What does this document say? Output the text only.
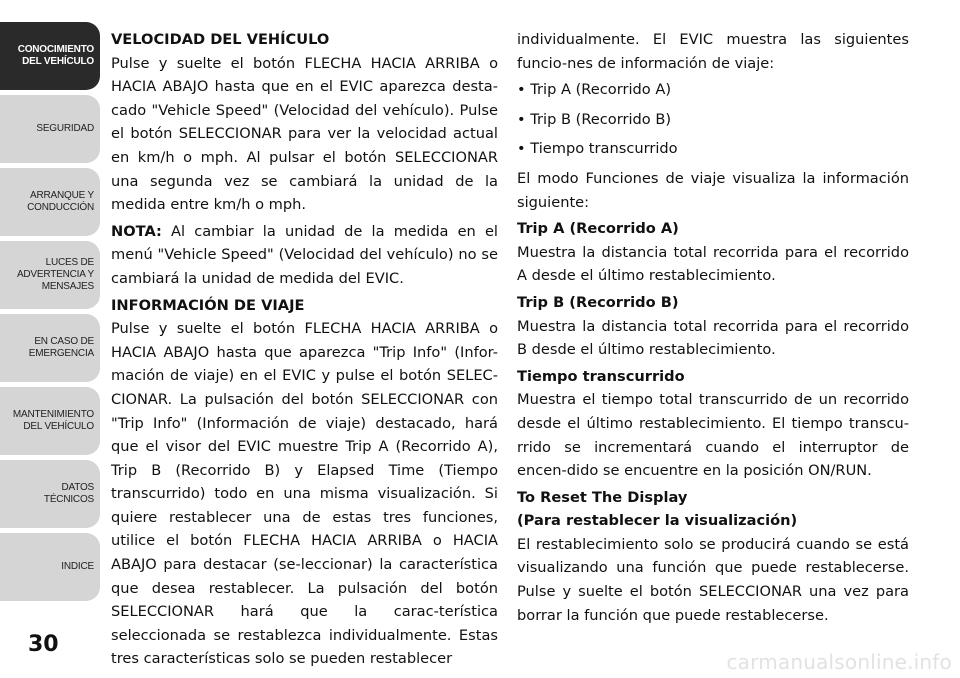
CONOCIMIENTO
DEL VEHÍCULO
SEGURIDAD
ARRANQUE Y
CONDUCCIÓN
LUCES DE
ADVERTENCIA Y
MENSAJES
EN CASO DE
EMERGENCIA
MANTENIMIENTO
DEL VEHÍCULO
DATOS
TÉCNICOS
INDICE
30

VELOCIDAD DEL VEHÍCULO

Pulse y suelte el botón FLECHA HACIA ARRIBA o HACIA ABAJO hasta que en el EVIC aparezca desta-cado "Vehicle Speed" (Velocidad del vehículo). Pulse el botón SELECCIONAR para ver la velocidad actual en km/h o mph. Al pulsar el botón SELECCIONAR una segunda vez se cambiará la unidad de la medida entre km/h o mph.

NOTA: Al cambiar la unidad de la medida en el menú "Vehicle Speed" (Velocidad del vehículo) no se cambiará la unidad de medida del EVIC.

INFORMACIÓN DE VIAJE

Pulse y suelte el botón FLECHA HACIA ARRIBA o HACIA ABAJO hasta que aparezca "Trip Info" (Infor-mación de viaje) en el EVIC y pulse el botón SELEC-CIONAR. La pulsación del botón SELECCIONAR con "Trip Info" (Información de viaje) destacado, hará que el visor del EVIC muestre Trip A (Recorrido A), Trip B (Recorrido B) y Elapsed Time (Tiempo transcurrido) todo en una misma visualización. Si quiere restablecer una de estas tres funciones, utilice el botón FLECHA HACIA ARRIBA o HACIA ABAJO para destacar (se-leccionar) la característica que desea restablecer. La pulsación del botón SELECCIONAR hará que la carac-terística seleccionada se restablezca individualmente. Estas tres características solo se pueden restablecer

individualmente. El EVIC muestra las siguientes funcio-nes de información de viaje:

• Trip A (Recorrido A)
• Trip B (Recorrido B)
• Tiempo transcurrido

El modo Funciones de viaje visualiza la información siguiente:

Trip A (Recorrido A)

Muestra la distancia total recorrida para el recorrido A desde el último restablecimiento.

Trip B (Recorrido B)

Muestra la distancia total recorrida para el recorrido B desde el último restablecimiento.

Tiempo transcurrido

Muestra el tiempo total transcurrido de un recorrido desde el último restablecimiento. El tiempo transcu-rrido se incrementará cuando el interruptor de encen-dido se encuentre en la posición ON/RUN.

To Reset The Display

(Para restablecer la visualización)

El restablecimiento solo se producirá cuando se está visualizando una función que puede restablecerse. Pulse y suelte el botón SELECCIONAR una vez para borrar la función que puede restablecerse.

carmanualsonline.info
